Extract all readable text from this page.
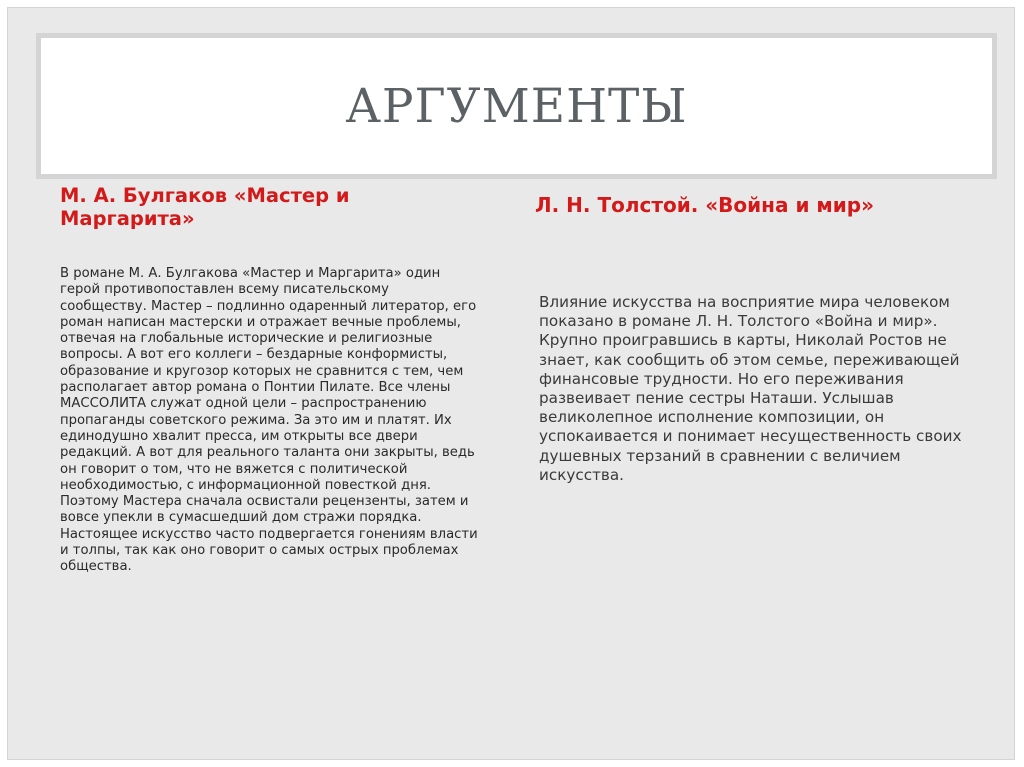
АРГУМЕНТЫ
М. А. Булгаков «Мастер и Маргарита»

В романе М. А. Булгакова «Мастер и Маргарита» один герой противопоставлен всему писательскому сообществу. Мастер – подлинно одаренный литератор, его роман написан мастерски и отражает вечные проблемы, отвечая на глобальные исторические и религиозные вопросы. А вот его коллеги – бездарные конформисты, образование и кругозор которых не сравнится с тем, чем располагает автор романа о Понтии Пилате. Все члены МАССОЛИТА служат одной цели – распространению пропаганды советского режима. За это им и платят. Их единодушно хвалит пресса, им открыты все двери редакций. А вот для реального таланта они закрыты, ведь он говорит о том, что не вяжется с политической необходимостью, с информационной повесткой дня. Поэтому Мастера сначала освистали рецензенты, затем и вовсе упекли в сумасшедший дом стражи порядка. Настоящее искусство часто подвергается гонениям власти и толпы, так как оно говорит о самых острых проблемах общества.

Л. Н. Толстой. «Война и мир»

Влияние искусства на восприятие мира человеком показано в романе Л. Н. Толстого «Война и мир». Крупно проигравшись в карты, Николай Ростов не знает, как сообщить об этом семье, переживающей финансовые трудности. Но его переживания развеивает пение сестры Наташи. Услышав великолепное исполнение композиции, он успокаивается и понимает несущественность своих душевных терзаний в сравнении с величием искусства.
